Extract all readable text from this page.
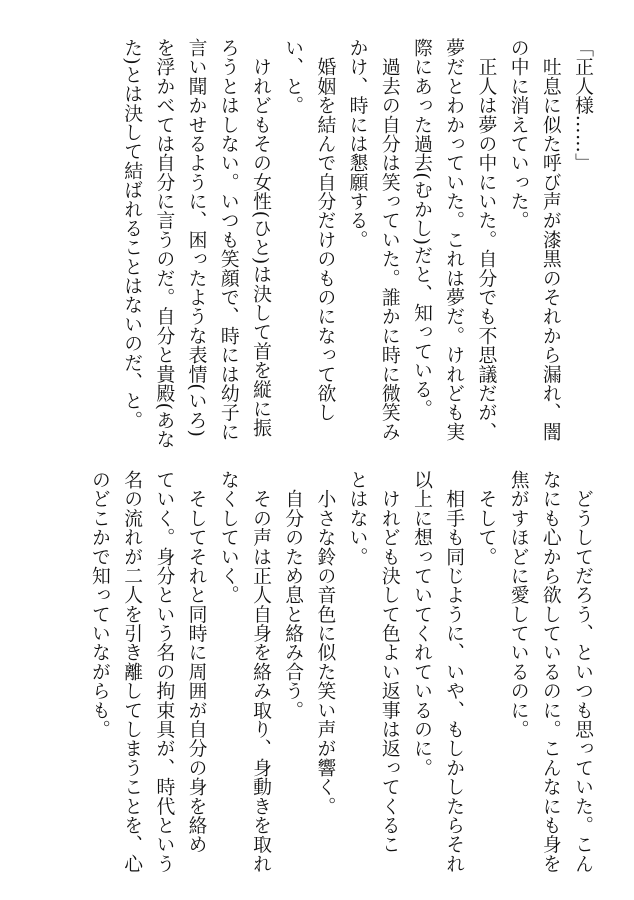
「正人様……」
　吐息に似た呼び声が漆黒のそれから漏れ、闇
の中に消えていった。
　正人は夢の中にいた。自分でも不思議だが、
夢だとわかっていた。これは夢だ。けれども実
際にあった過去(むかし)だと、知っている。
　過去の自分は笑っていた。誰かに時に微笑み
かけ、時には懇願する。
　婚姻を結んで自分だけのものになって欲し
い、と。
　けれどもその女性(ひと)は決して首を縦に振
ろうとはしない。いつも笑顔で、時には幼子に
言い聞かせるように、困ったような表情(いろ)
を浮かべては自分に言うのだ。自分と貴殿(あな
た)とは決して結ばれることはないのだ、と。
　どうしてだろう、といつも思っていた。こん
なにも心から欲しているのに。こんなにも身を
焦がすほどに愛しているのに。
　そして。
　相手も同じように、いや、もしかしたらそれ
以上に想っていてくれているのに。
　けれども決して色よい返事は返ってくるこ
とはない。
　小さな鈴の音色に似た笑い声が響く。
　自分のため息と絡み合う。
　その声は正人自身を絡み取り、身動きを取れ
なくしていく。
　そしてそれと同時に周囲が自分の身を絡め
ていく。身分という名の拘束具が、時代という
名の流れが二人を引き離してしまうことを、心
のどこかで知っていながらも。
